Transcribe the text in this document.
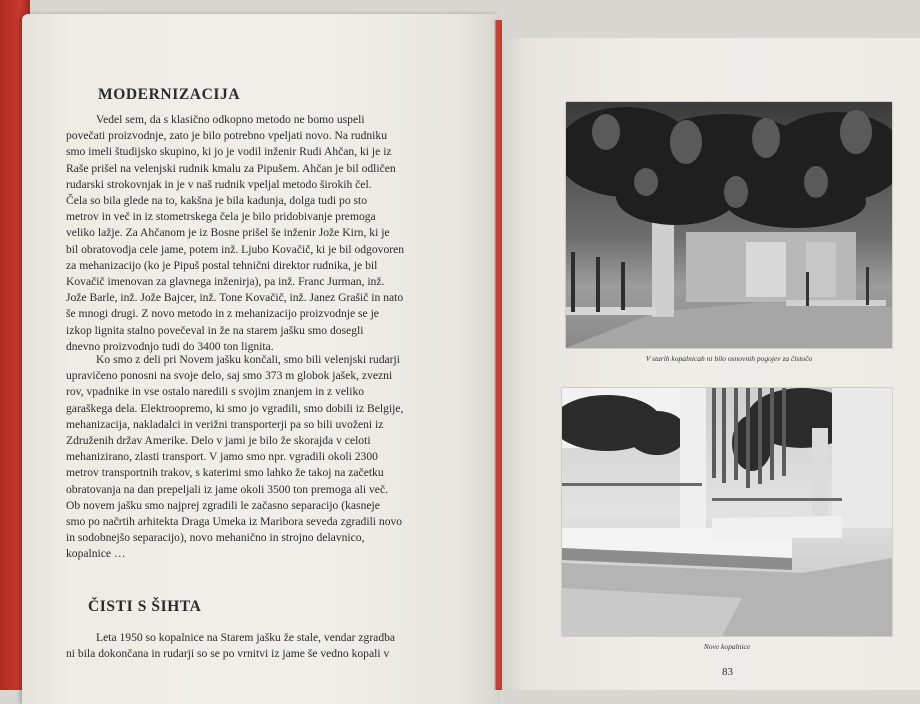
MODERNIZACIJA
Vedel sem, da s klasično odkopno metodo ne bomo uspeli
povečati proizvodnje, zato je bilo potrebno vpeljati novo. Na rudniku
smo imeli študijsko skupino, ki jo je vodil inženir Rudi Ahčan, ki je iz
Raše prišel na velenjski rudnik kmalu za Pipušem. Ahčan je bil odličen
rudarski strokovnjak in je v naš rudnik vpeljal metodo širokih čel.
Čela so bila glede na to, kakšna je bila kadunja, dolga tudi po sto
metrov in več in iz stometrskega čela je bilo pridobivanje premoga
veliko lažje. Za Ahčanom je iz Bosne prišel še inženir Jože Kirn, ki je
bil obratovodja cele jame, potem inž. Ljubo Kovačič, ki je bil odgovoren
za mehanizacijo (ko je Pipuš postal tehnični direktor rudnika, je bil
Kovačič imenovan za glavnega inženirja), pa inž. Franc Jurman, inž.
Jože Barle, inž. Jože Bajcer, inž. Tone Kovačič, inž. Janez Grašič in nato
še mnogi drugi. Z novo metodo in z mehanizacijo proizvodnje se je
izkop lignita stalno povečeval in že na starem jašku smo dosegli
dnevno proizvodnjo tudi do 3400 ton lignita.
Ko smo z deli pri Novem jašku končali, smo bili velenjski rudarji
upravičeno ponosni na svoje delo, saj smo 373 m globok jašek, zvezni
rov, vpadnike in vse ostalo naredili s svojim znanjem in z veliko
garaškega dela. Elektroopremo, ki smo jo vgradili, smo dobili iz Belgije,
mehanizacija, nakladalci in verižni transporterji pa so bili uvoženi iz
Združenih držav Amerike. Delo v jami je bilo že skorajda v celoti
mehanizirano, zlasti transport. V jamo smo npr. vgradili okoli 2300
metrov transportnih trakov, s katerimi smo lahko že takoj na začetku
obratovanja na dan prepeljali iz jame okoli 3500 ton premoga ali več.
Ob novem jašku smo najprej zgradili le začasno separacijo (kasneje
smo po načrtih arhitekta Draga Umeka iz Maribora seveda zgradili novo
in sodobnejšo separacijo), novo mehanično in strojno delavnico,
kopalnice …
ČISTI S ŠIHTA
Leta 1950 so kopalnice na Starem jašku že stale, vendar zgradba
ni bila dokončana in rudarji so se po vrnitvi iz jame še vedno kopali v
V starih kopalnicah ni bilo osnovnih pogojev za čistočo
Nove kopalnice
83
